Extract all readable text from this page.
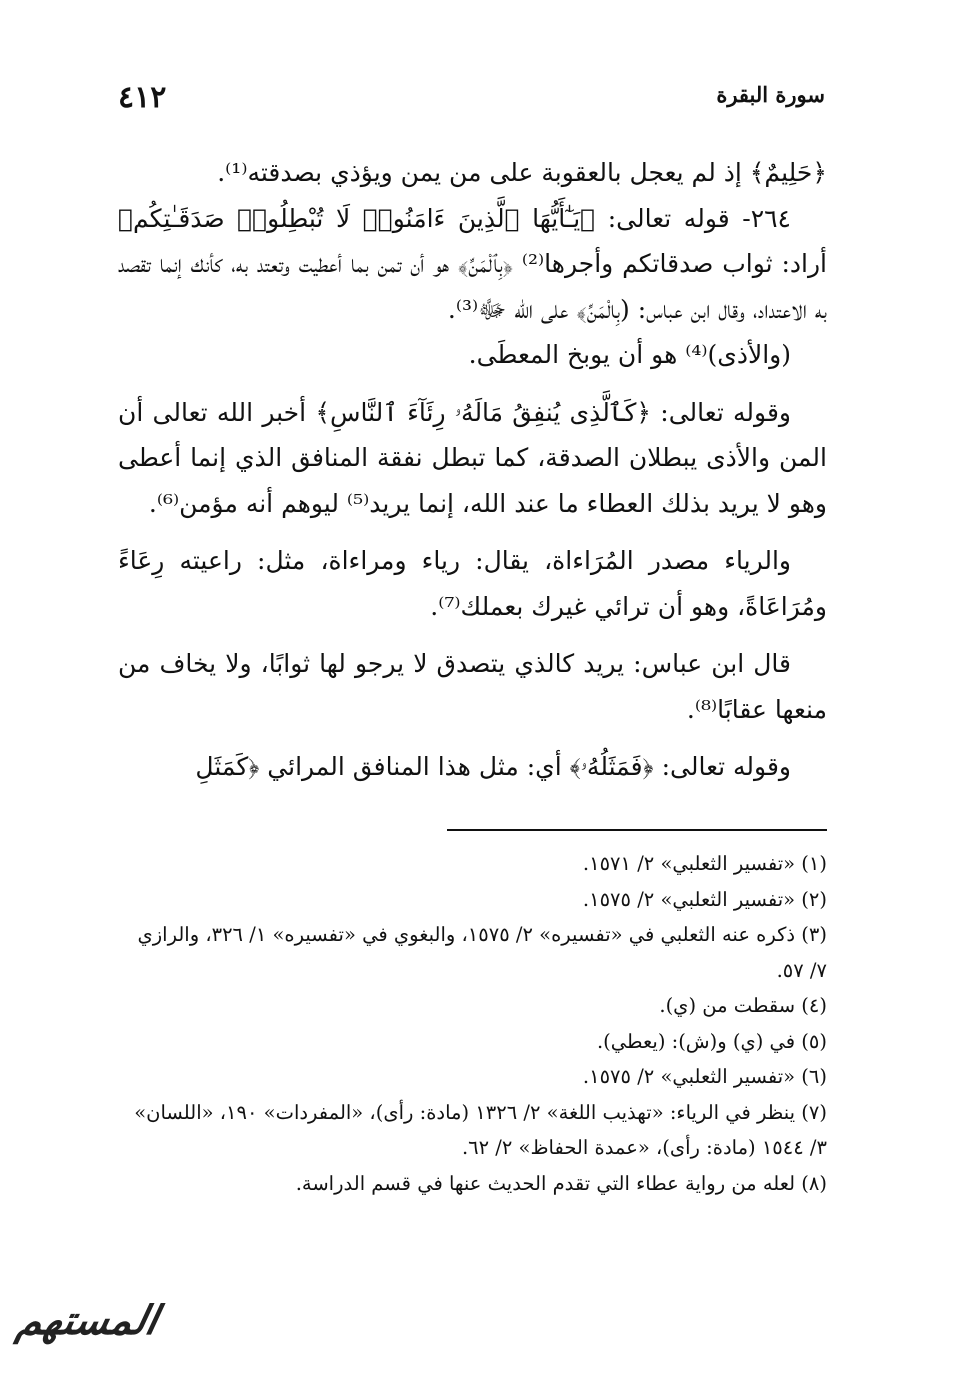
سورة البقرة
٤١٢

﴿حَلِيمٌ﴾ إذ لم يعجل بالعقوبة على من يمن ويؤذي بصدقته⁽¹⁾.

٢٦٤- قوله تعالى: ﴿يَـٰٓأَيُّهَا ٱلَّذِينَ ءَامَنُوا۟ لَا تُبْطِلُوا۟ صَدَقَـٰتِكُم﴾ أراد: ثواب صدقاتكم وأجرها⁽²⁾ ﴿بِٱلْمَنِّ﴾ هو أن تمن بما أعطيت وتعتد به، كأنك إنما تقصد به الاعتداد، وقال ابن عباس: (بِالْمَنِّ﴾ على الله ﷻ⁽³⁾.

(والأذى)⁽⁴⁾ هو أن يوبخ المعطَى.

وقوله تعالى: ﴿كَٱلَّذِى يُنفِقُ مَالَهُۥ رِئَآءَ ٱلنَّاسِ﴾ أخبر الله تعالى أن المن والأذى يبطلان الصدقة، كما تبطل نفقة المنافق الذي إنما أعطى وهو لا يريد بذلك العطاء ما عند الله، إنما يريد⁽⁵⁾ ليوهم أنه مؤمن⁽⁶⁾.

والرياء مصدر المُرَاءاة، يقال: رياء ومراءاة، مثل: راعيته رِعَاءً ومُرَاعَاةً، وهو أن ترائي غيرك بعملك⁽⁷⁾.

قال ابن عباس: يريد كالذي يتصدق لا يرجو لها ثوابًا، ولا يخاف من منعها عقابًا⁽⁸⁾.

وقوله تعالى: ﴿فَمَثَلُهُۥ﴾ أي: مثل هذا المنافق المرائي ﴿كَمَثَلِ

(١) «تفسير الثعلبي» ٢/ ١٥٧١.

(٢) «تفسير الثعلبي» ٢/ ١٥٧٥.

(٣) ذكره عنه الثعلبي في «تفسيره» ٢/ ١٥٧٥، والبغوي في «تفسيره» ١/ ٣٢٦، والرازي ٧/ ٥٧.

(٤) سقطت من (ي).

(٥) في (ي) و(ش): (يعطي).

(٦) «تفسير الثعلبي» ٢/ ١٥٧٥.

(٧) ينظر في الرياء: «تهذيب اللغة» ٢/ ١٣٢٦ (مادة: رأى)، «المفردات» ١٩٠، «اللسان» ٣/ ١٥٤٤ (مادة: رأى)، «عمدة الحفاظ» ٢/ ٦٢.

(٨) لعله من رواية عطاء التي تقدم الحديث عنها في قسم الدراسة.

المستهم
